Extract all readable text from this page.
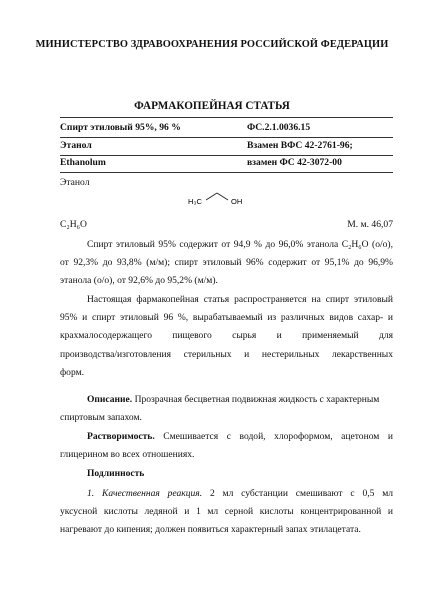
МИНИСТЕРСТВО ЗДРАВООХРАНЕНИЯ РОССИЙСКОЙ ФЕДЕРАЦИИ
ФАРМАКОПЕЙНАЯ СТАТЬЯ
Спирт этиловый 95%, 96 %	ФС.2.1.0036.15
Этанол	Взамен ВФС 42-2761-96;
Ethanolum	взамен ФС 42-3072-00
Этанол
H₃C	OH
C₂H₆O	М. м. 46,07
Спирт этиловый 95% содержит от 94,9 % до 96,0% этанола C₂H₆O (о/о),
от 92,3% до 93,8% (м/м); спирт этиловый 96% содержит от 95,1% до 96,9%
этанола (о/о), от 92,6% до 95,2% (м/м).
Настоящая фармакопейная статья распространяется на спирт этиловый
95% и спирт этиловый 96 %, вырабатываемый из различных видов сахар- и
крахмалосодержащего пищевого сырья и применяемый для
производства/изготовления стерильных и нестерильных лекарственных
форм.
Описание. Прозрачная бесцветная подвижная жидкость с характерным
спиртовым запахом.
Растворимость. Смешивается с водой, хлороформом, ацетоном и
глицерином во всех отношениях.
Подлинность
1. Качественная реакция. 2 мл субстанции смешивают с 0,5 мл
уксусной кислоты ледяной и 1 мл серной кислоты концентрированной и
нагревают до кипения; должен появиться характерный запах этилацетата.
